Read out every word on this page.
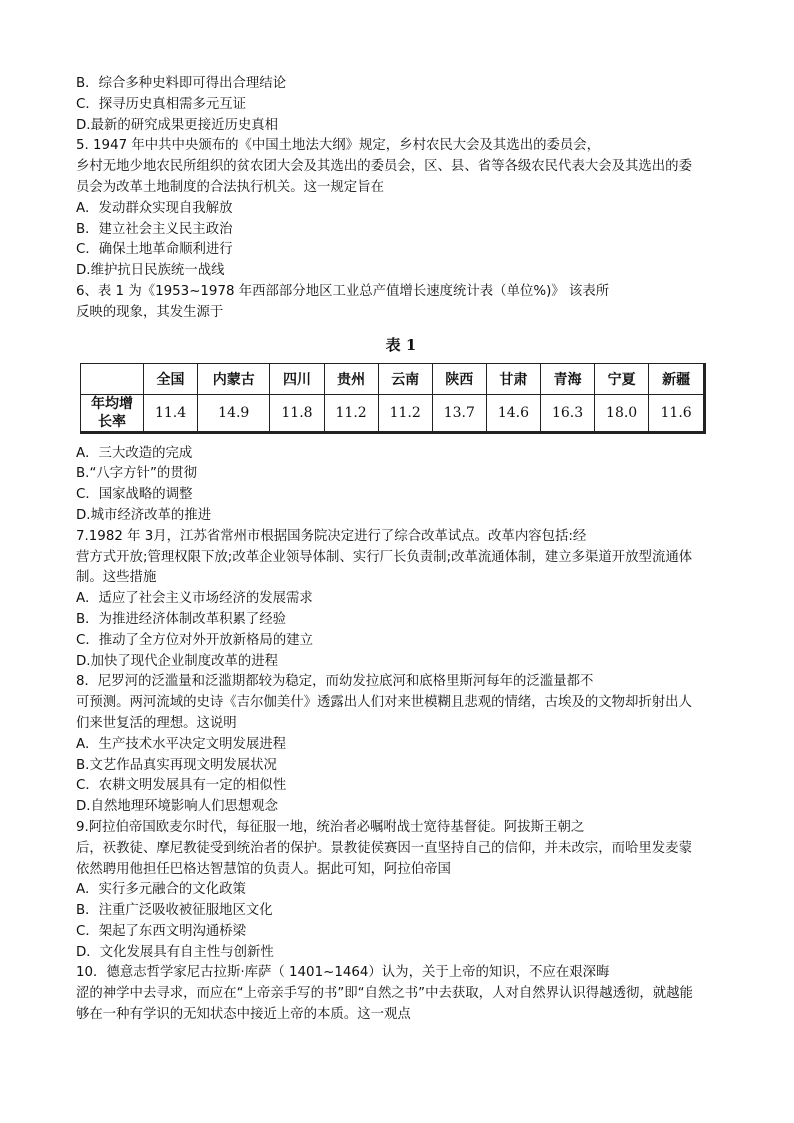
B．综合多种史料即可得出合理结论
C．探寻历史真相需多元互证
D.最新的研究成果更接近历史真相
5. 1947 年中共中央颁布的《中国土地法大纲》规定，乡村农民大会及其选出的委员会，
乡村无地少地农民所组织的贫农团大会及其选出的委员会，区、县、省等各级农民代表大会及其选出的委
员会为改革土地制度的合法执行机关。这一规定旨在
A．发动群众实现自我解放
B．建立社会主义民主政治
C．确保土地革命顺利进行
D.维护抗日民族统一战线
6、表 1 为《1953~1978 年西部部分地区工业总产值增长速度统计表（单位%)》 该表所
反映的现象，其发生源于
表 1
	全国	内蒙古	四川	贵州	云南	陕西	甘肃	青海	宁夏	新疆

年均增
长率	11.4	14.9	11.8	11.2	11.2	13.7	14.6	16.3	18.0	11.6
A．三大改造的完成
B.“八字方针”的贯彻
C．国家战略的调整
D.城市经济改革的推进
7.1982 年 3月，江苏省常州市根据国务院决定进行了综合改革试点。改革内容包括:经
营方式开放;管理权限下放;改革企业领导体制、实行厂长负责制;改革流通体制，建立多渠道开放型流通体
制。这些措施
A．适应了社会主义市场经济的发展需求
B．为推进经济体制改革积累了经验
C．推动了全方位对外开放新格局的建立
D.加快了现代企业制度改革的进程
8．尼罗河的泛滥量和泛滥期都较为稳定，而幼发拉底河和底格里斯河每年的泛滥量都不
可预测。两河流域的史诗《吉尔伽美什》透露出人们对来世模糊且悲观的情绪，古埃及的文物却折射出人
们来世复活的理想。这说明
A．生产技术水平决定文明发展进程
B.文艺作品真实再现文明发展状况
C．农耕文明发展具有一定的相似性
D.自然地理环境影响人们思想观念
9.阿拉伯帝国欧麦尔时代，每征服一地，统治者必嘱咐战士宽待基督徒。阿拔斯王朝之
后，祆教徒、摩尼教徒受到统治者的保护。景教徒侯赛因一直坚持自己的信仰，并未改宗，而哈里发麦蒙
依然聘用他担任巴格达智慧馆的负责人。据此可知，阿拉伯帝国
A．实行多元融合的文化政策
B．注重广泛吸收被征服地区文化
C．架起了东西文明沟通桥梁
D．文化发展具有自主性与创新性
10．德意志哲学家尼古拉斯·库萨（ 1401~1464）认为，关于上帝的知识，不应在艰深晦
涩的神学中去寻求，而应在“上帝亲手写的书”即“自然之书”中去获取，人对自然界认识得越透彻，就越能
够在一种有学识的无知状态中接近上帝的本质。这一观点
